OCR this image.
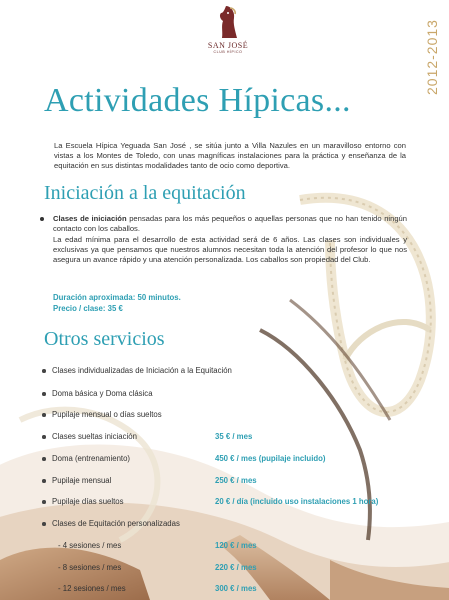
SAN JOSÉ
CLUB HÍPICO	2012-2013
Actividades Hípicas...

La Escuela Hípica Yeguada San José , se sitúa junto a Villa Nazules en un maravilloso entorno con vistas a los Montes de Toledo, con unas magníficas instalaciones para la práctica y enseñanza de la equitación en sus distintas modalidades tanto de ocio como deportiva.

Iniciación a la equitación

Clases de iniciación pensadas para los más pequeños o aquellas personas que no han tenido ningún contacto con los caballos.

La edad mínima para el desarrollo de esta actividad será de 6 años. Las clases son individuales y exclusivas ya que pensamos que nuestros alumnos necesitan toda la atención del profesor lo que nos asegura un avance rápido y una atención personalizada. Los caballos son propiedad del Club.

Duración aproximada: 50 minutos.
Precio / clase: 35 €
Otros servicios
Clases individualizadas de Iniciación a la Equitación
Doma básica y Doma clásica
Pupilaje mensual o días sueltos
Clases sueltas iniciación	35 € / mes
Doma (entrenamiento)	450 € / mes (pupilaje incluido)
Pupilaje mensual	250 € / mes
Pupilaje días sueltos	20 € / día (incluido uso instalaciones 1 hora)
Clases de Equitación personalizadas
- 4 sesiones / mes	120 € / mes
- 8 sesiones / mes	220 € / mes
- 12 sesiones / mes	300 € / mes
